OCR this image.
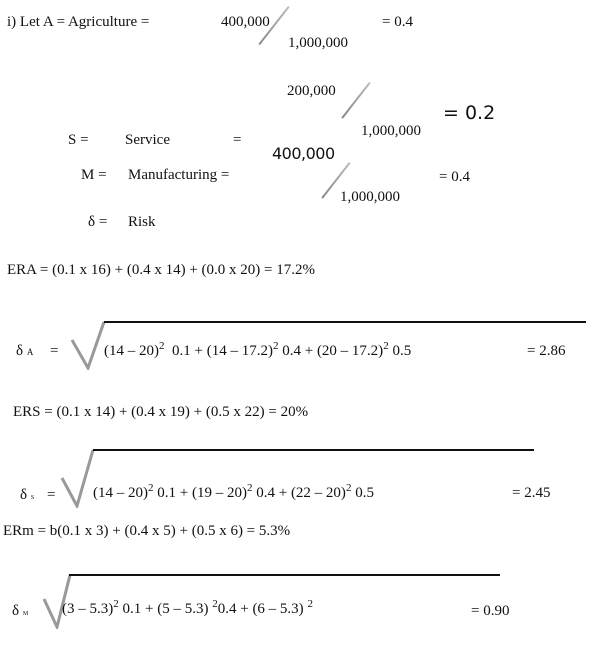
i) Let A = Agriculture =	400,000
1,000,000
= 0.4
S = Service	=
200,000
1,000,000
= 0.2
M = Manufacturing =
400,000
1,000,000
= 0.4
δ = Risk
ERA = (0.1 x 16) + (0.4 x 14) + (0.0 x 20) = 17.2%
δ A =	(14 – 20)$^2$ 0.1 + (14 – 17.2)$^2$ 0.4 + (20 – 17.2)$^2$ 0.5	= 2.86
ERS = (0.1 x 14) + (0.4 x 19) + (0.5 x 22) = 20%
δ s =	(14 – 20)$^2$ 0.1 + (19 – 20)$^2$ 0.4 + (22 – 20)$^2$ 0.5	= 2.45
ERm = b(0.1 x 3) + (0.4 x 5) + (0.5 x 6) = 5.3%
δ m (3 – 5.3)$^2$ 0.1 + (5 – 5.3) $^2$0.4 + (6 – 5.3) $^2$	= 0.90
